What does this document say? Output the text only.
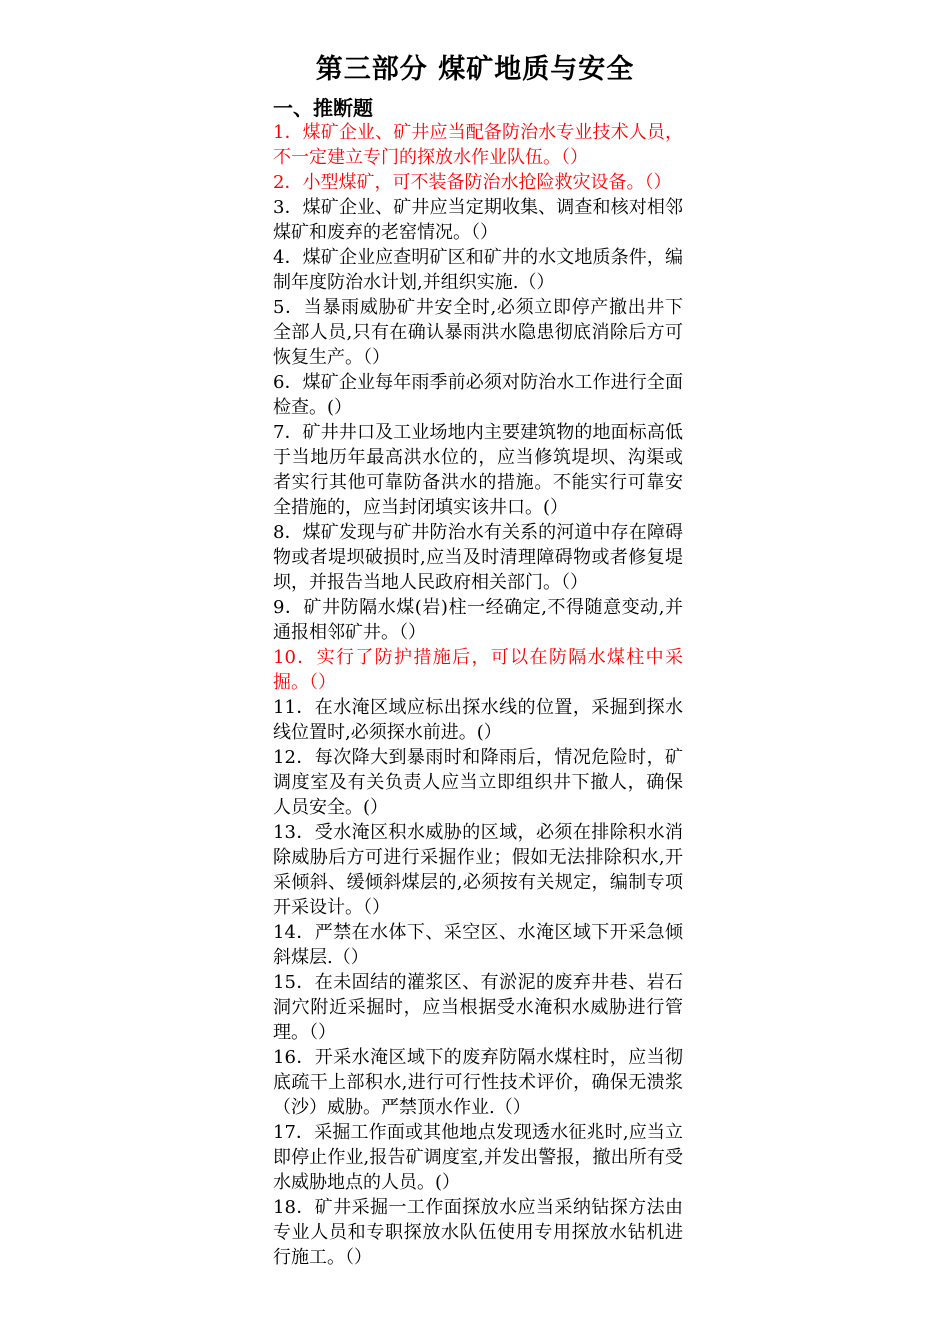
第三部分 煤矿地质与安全
一、推断题
1．煤矿企业、矿井应当配备防治水专业技术人员，不一定建立专门的探放水作业队伍。（）
2．小型煤矿，可不装备防治水抢险救灾设备。（）
3．煤矿企业、矿井应当定期收集、调查和核对相邻煤矿和废弃的老窑情况。（）
4．煤矿企业应查明矿区和矿井的水文地质条件，编制年度防治水计划,并组织实施.（）
5．当暴雨威胁矿井安全时,必须立即停产撤出井下全部人员,只有在确认暴雨洪水隐患彻底消除后方可恢复生产。（）
6．煤矿企业每年雨季前必须对防治水工作进行全面检查。(）
7．矿井井口及工业场地内主要建筑物的地面标高低于当地历年最高洪水位的，应当修筑堤坝、沟渠或者实行其他可靠防备洪水的措施。不能实行可靠安全措施的，应当封闭填实该井口。(）
8．煤矿发现与矿井防治水有关系的河道中存在障碍物或者堤坝破损时,应当及时清理障碍物或者修复堤坝，并报告当地人民政府相关部门。（）
9．矿井防隔水煤(岩)柱一经确定,不得随意变动,并通报相邻矿井。（）
10．实行了防护措施后，可以在防隔水煤柱中采掘。（）
11．在水淹区域应标出探水线的位置，采掘到探水线位置时,必须探水前进。(）
12．每次降大到暴雨时和降雨后，情况危险时，矿调度室及有关负责人应当立即组织井下撤人，确保人员安全。(）
13．受水淹区积水威胁的区域，必须在排除积水消除威胁后方可进行采掘作业；假如无法排除积水,开采倾斜、缓倾斜煤层的,必须按有关规定，编制专项开采设计。（）
14．严禁在水体下、采空区、水淹区域下开采急倾斜煤层.（）
15．在未固结的灌浆区、有淤泥的废弃井巷、岩石洞穴附近采掘时，应当根据受水淹积水威胁进行管理。（）
16．开采水淹区域下的废弃防隔水煤柱时，应当彻底疏干上部积水,进行可行性技术评价，确保无溃浆（沙）威胁。严禁顶水作业.（）
17．采掘工作面或其他地点发现透水征兆时,应当立即停止作业,报告矿调度室,并发出警报，撤出所有受水威胁地点的人员。(）
18．矿井采掘一工作面探放水应当采纳钻探方法由专业人员和专职探放水队伍使用专用探放水钻机进行施工。（）
